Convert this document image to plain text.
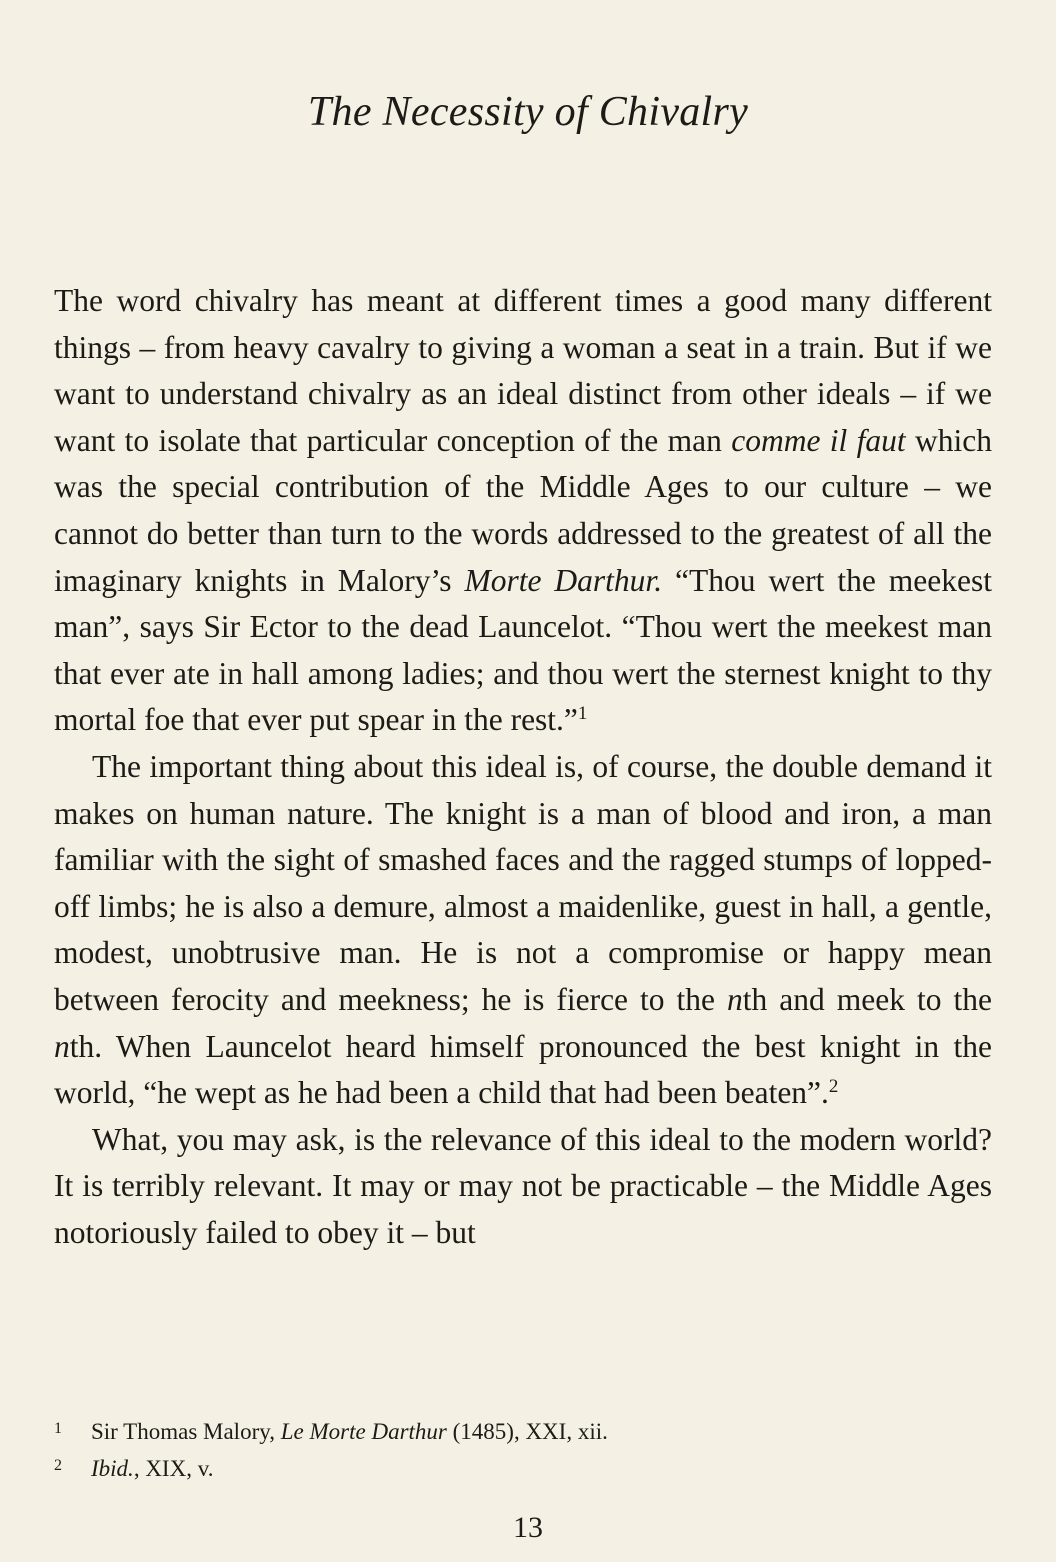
The Necessity of Chivalry

The word chivalry has meant at different times a good many different things – from heavy cavalry to giving a woman a seat in a train. But if we want to understand chivalry as an ideal distinct from other ideals – if we want to isolate that particular conception of the man comme il faut which was the special contribution of the Middle Ages to our culture – we cannot do better than turn to the words addressed to the greatest of all the imaginary knights in Malory’s Morte Darthur. “Thou wert the meekest man”, says Sir Ector to the dead Launcelot. “Thou wert the meekest man that ever ate in hall among ladies; and thou wert the sternest knight to thy mortal foe that ever put spear in the rest.”$^1$

The important thing about this ideal is, of course, the double demand it makes on human nature. The knight is a man of blood and iron, a man familiar with the sight of smashed faces and the ragged stumps of lopped-off limbs; he is also a demure, almost a maidenlike, guest in hall, a gentle, modest, unobtrusive man. He is not a compromise or happy mean between ferocity and meekness; he is fierce to the nth and meek to the nth. When Launcelot heard himself pronounced the best knight in the world, “he wept as he had been a child that had been beaten”.$^2$

What, you may ask, is the relevance of this ideal to the modern world? It is terribly relevant. It may or may not be practicable – the Middle Ages notoriously failed to obey it – but

1	Sir Thomas Malory, Le Morte Darthur (1485), XXI, xii.
2	Ibid., XIX, v.
13
